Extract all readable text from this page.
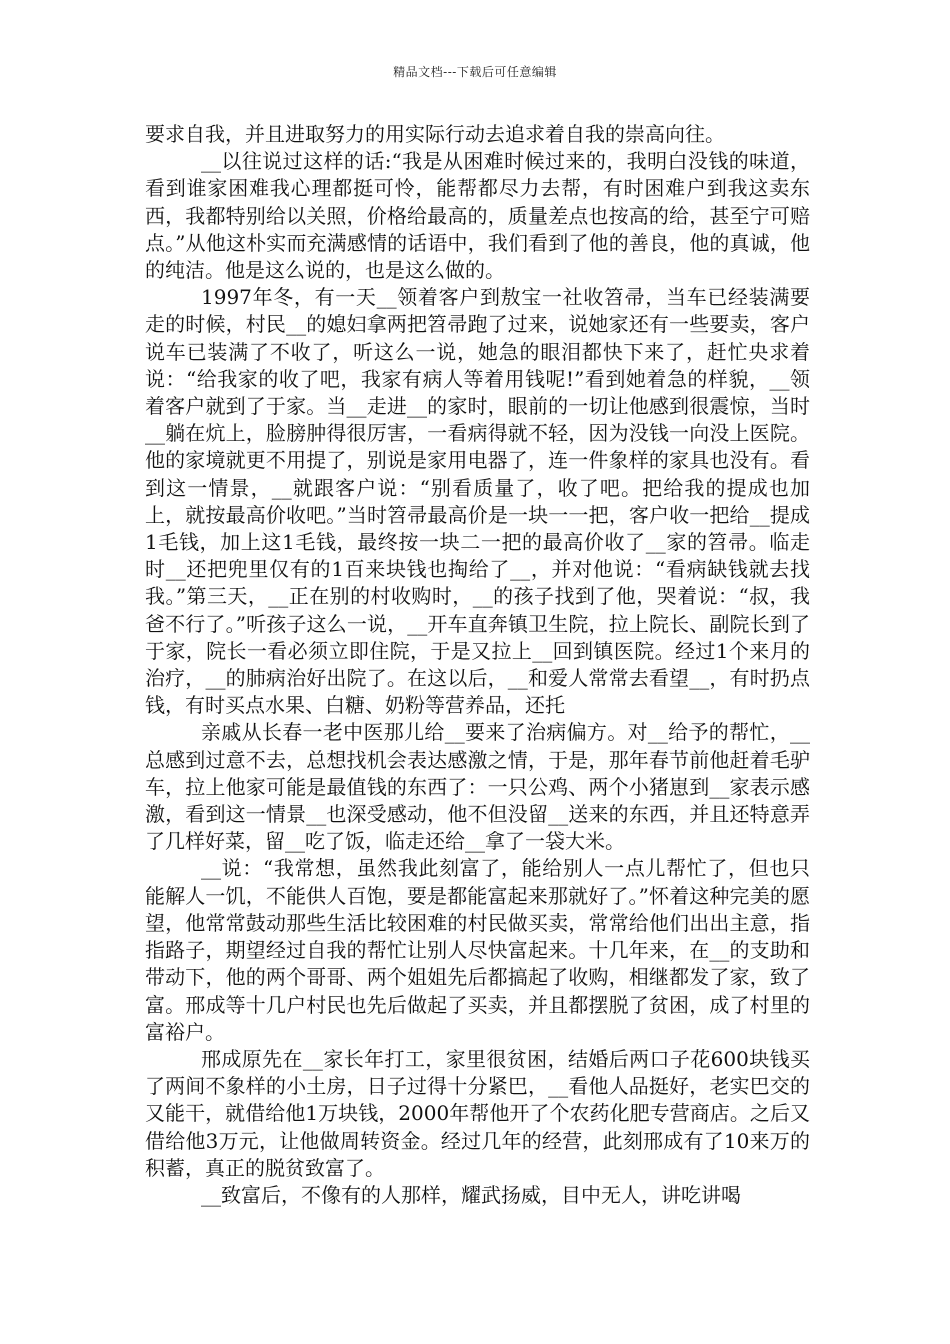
精品文档---下载后可任意编辑

要求自我，并且进取努力的用实际行动去追求着自我的崇高向往。

__以往说过这样的话:“我是从困难时候过来的，我明白没钱的味道，看到谁家困难我心理都挺可怜，能帮都尽力去帮，有时困难户到我这卖东西，我都特别给以关照，价格给最高的，质量差点也按高的给，甚至宁可赔点。”从他这朴实而充满感情的话语中，我们看到了他的善良，他的真诚，他的纯洁。他是这么说的，也是这么做的。

1997年冬，有一天__领着客户到敖宝一社收笤帚，当车已经装满要走的时候，村民__的媳妇拿两把笤帚跑了过来，说她家还有一些要卖，客户说车已装满了不收了，听这么一说，她急的眼泪都快下来了，赶忙央求着说：“给我家的收了吧，我家有病人等着用钱呢!”看到她着急的样貌，__领着客户就到了于家。当__走进__的家时，眼前的一切让他感到很震惊，当时__躺在炕上，脸膀肿得很厉害，一看病得就不轻，因为没钱一向没上医院。他的家境就更不用提了，别说是家用电器了，连一件象样的家具也没有。看到这一情景，__就跟客户说：“别看质量了，收了吧。把给我的提成也加上，就按最高价收吧。”当时笤帚最高价是一块一一把，客户收一把给__提成1毛钱，加上这1毛钱，最终按一块二一把的最高价收了__家的笤帚。临走时__还把兜里仅有的1百来块钱也掏给了__，并对他说：“看病缺钱就去找我。”第三天，__正在别的村收购时，__的孩子找到了他，哭着说：“叔，我爸不行了。”听孩子这么一说，__开车直奔镇卫生院，拉上院长、副院长到了于家，院长一看必须立即住院，于是又拉上__回到镇医院。经过1个来月的治疗，__的肺病治好出院了。在这以后，__和爱人常常去看望__，有时扔点钱，有时买点水果、白糖、奶粉等营养品，还托

亲戚从长春一老中医那儿给__要来了治病偏方。对__给予的帮忙，__总感到过意不去，总想找机会表达感激之情，于是，那年春节前他赶着毛驴车，拉上他家可能是最值钱的东西了：一只公鸡、两个小猪崽到__家表示感激，看到这一情景__也深受感动，他不但没留__送来的东西，并且还特意弄了几样好菜，留__吃了饭，临走还给__拿了一袋大米。

__说：“我常想，虽然我此刻富了，能给别人一点儿帮忙了，但也只能解人一饥，不能供人百饱，要是都能富起来那就好了。”怀着这种完美的愿望，他常常鼓动那些生活比较困难的村民做买卖，常常给他们出出主意，指指路子，期望经过自我的帮忙让别人尽快富起来。十几年来，在__的支助和带动下，他的两个哥哥、两个姐姐先后都搞起了收购，相继都发了家，致了富。邢成等十几户村民也先后做起了买卖，并且都摆脱了贫困，成了村里的富裕户。

邢成原先在__家长年打工，家里很贫困，结婚后两口子花600块钱买了两间不象样的小土房，日子过得十分紧巴，__看他人品挺好，老实巴交的又能干，就借给他1万块钱，2000年帮他开了个农药化肥专营商店。之后又借给他3万元，让他做周转资金。经过几年的经营，此刻邢成有了10来万的积蓄，真正的脱贫致富了。

__致富后，不像有的人那样，耀武扬威，目中无人，讲吃讲喝
